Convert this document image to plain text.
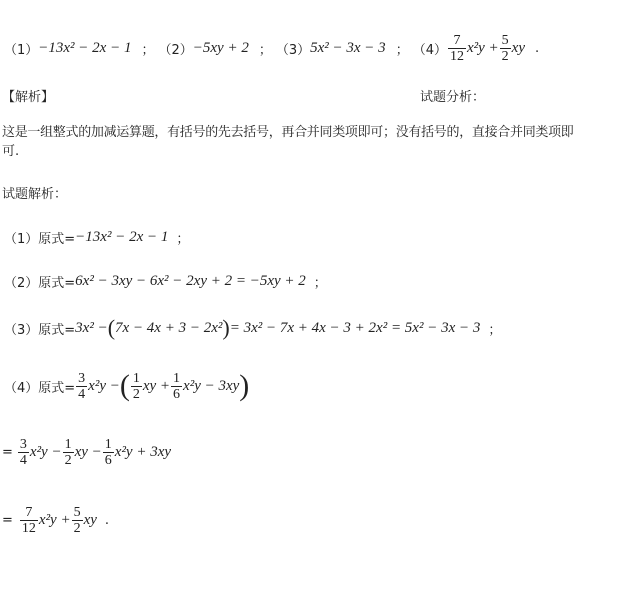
（1） −13x² − 2x − 1 ； （2） −5xy + 2 ； （3） 5x² − 3x − 3 ； $(4) \frac{7}{12} x^2y + \frac{5}{2}$ xy .
【解析】	试题分析：
这是一组整式的加减运算题，有括号的先去括号，再合并同类项即可；没有括号的，直接合并同类项即
可.
试题解析：
（1）原式= −13x² − 2x − 1 ；
（2）原式= 6x² − 3xy − 6x² − 2xy + 2 = −5xy + 2 ；
（3）原式= 3x² − ( 7x − 4x + 3 − 2x² ) = 3x² − 7x + 4x − 3 + 2x² = 5x² − 3x − 3 ；
（4）原式= $\frac{3}{4} x^2y$ − ( $\frac{1}{2}$ xy + $\frac{1}{6} x^2y - 3xy$ )
= $\frac{3}{4} x^2y - \frac{1}{2}$ xy − $\frac{1}{6} x^2y + 3xy$
= $\frac{7}{12} x^2y + \frac{5}{2}$ xy .
